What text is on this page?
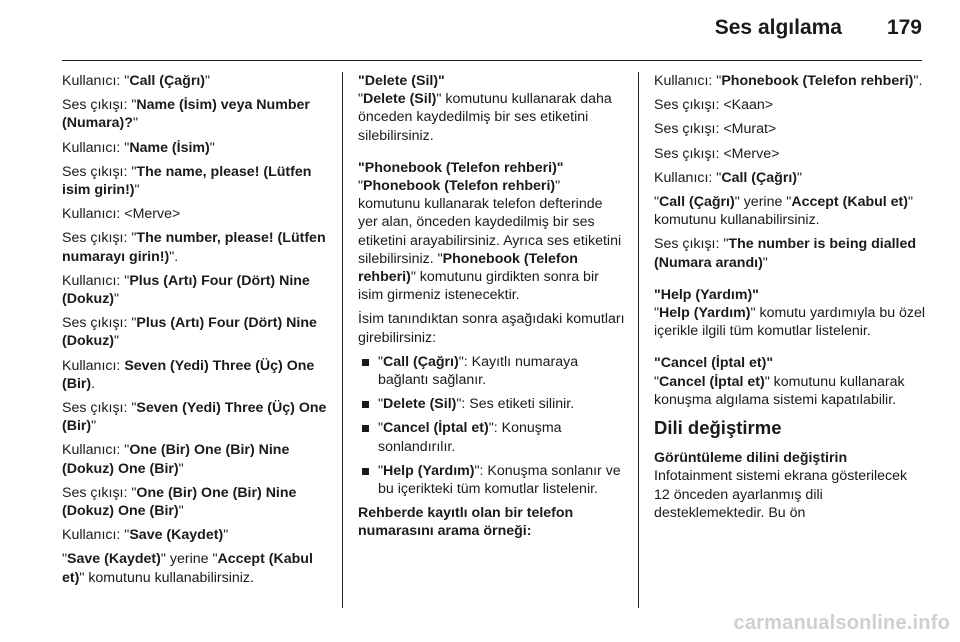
Ses algılama 179

Kullanıcı: "Call (Çağrı)"

Ses çıkışı: "Name (İsim) veya Number (Numara)?"

Kullanıcı: "Name (İsim)"

Ses çıkışı: "The name, please! (Lütfen isim girin!)"

Kullanıcı: <Merve>

Ses çıkışı: "The number, please! (Lütfen numarayı girin!)".

Kullanıcı: "Plus (Artı) Four (Dört) Nine (Dokuz)"

Ses çıkışı: "Plus (Artı) Four (Dört) Nine (Dokuz)"

Kullanıcı: Seven (Yedi) Three (Üç) One (Bir).

Ses çıkışı: "Seven (Yedi) Three (Üç) One (Bir)"

Kullanıcı: "One (Bir) One (Bir) Nine (Dokuz) One (Bir)"

Ses çıkışı: "One (Bir) One (Bir) Nine (Dokuz) One (Bir)"

Kullanıcı: "Save (Kaydet)"

"Save (Kaydet)" yerine "Accept (Kabul et)" komutunu kullanabilirsiniz.

"Delete (Sil)"

"Delete (Sil)" komutunu kullanarak daha önceden kaydedilmiş bir ses etiketini silebilirsiniz.

"Phonebook (Telefon rehberi)"

"Phonebook (Telefon rehberi)" komutunu kullanarak telefon defterinde yer alan, önceden kaydedilmiş bir ses etiketini arayabilirsiniz. Ayrıca ses etiketini silebilirsiniz. "Phonebook (Telefon rehberi)" komutunu girdikten sonra bir isim girmeniz istenecektir.

İsim tanındıktan sonra aşağıdaki komutları girebilirsiniz:

"Call (Çağrı)": Kayıtlı numaraya bağlantı sağlanır.

"Delete (Sil)": Ses etiketi silinir.

"Cancel (İptal et)": Konuşma sonlandırılır.

"Help (Yardım)": Konuşma sonlanır ve bu içerikteki tüm komutlar listelenir.

Rehberde kayıtlı olan bir telefon numarasını arama örneği:

Kullanıcı: "Phonebook (Telefon rehberi)".

Ses çıkışı: <Kaan>

Ses çıkışı: <Murat>

Ses çıkışı: <Merve>

Kullanıcı: "Call (Çağrı)"

"Call (Çağrı)" yerine "Accept (Kabul et)" komutunu kullanabilirsiniz.

Ses çıkışı: "The number is being dialled (Numara arandı)"

"Help (Yardım)"

"Help (Yardım)" komutu yardımıyla bu özel içerikle ilgili tüm komutlar listelenir.

"Cancel (İptal et)"

"Cancel (İptal et)" komutunu kullanarak konuşma algılama sistemi kapatılabilir.

Dili değiştirme

Görüntüleme dilini değiştirin

Infotainment sistemi ekrana gösterilecek 12 önceden ayarlanmış dili desteklemektedir. Bu ön

carmanualsonline.info
